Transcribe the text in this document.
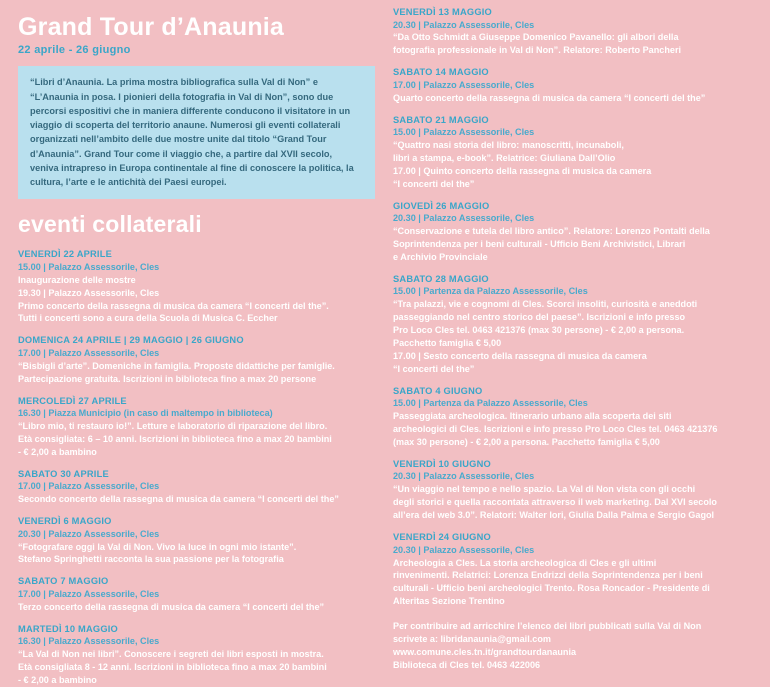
Grand Tour d’Anaunia
22 aprile - 26 giugno
“Libri d’Anaunia. La prima mostra bibliografica sulla Val di Non” e “L’Anaunia in posa. I pionieri della fotografia in Val di Non”, sono due percorsi espositivi che in maniera differente conducono il visitatore in un viaggio di scoperta del territorio anaune. Numerosi gli eventi collaterali organizzati nell’ambito delle due mostre unite dal titolo “Grand Tour d’Anaunia”. Grand Tour come il viaggio che, a partire dal XVII secolo, veniva intrapreso in Europa continentale al fine di conoscere la politica, la cultura, l’arte e le antichità dei Paesi europei.
eventi collaterali
VENERDÌ 22 APRILE
15.00 | Palazzo Assessorile, Cles
Inaugurazione delle mostre
19.30 | Palazzo Assessorile, Cles
Primo concerto della rassegna di musica da camera “I concerti del the”.
Tutti i concerti sono a cura della Scuola di Musica C. Eccher
DOMENICA 24 APRILE | 29 MAGGIO | 26 GIUGNO
17.00 | Palazzo Assessorile, Cles
“Bisbigli d’arte”. Domeniche in famiglia. Proposte didattiche per famiglie.
Partecipazione gratuita. Iscrizioni in biblioteca fino a max 20 persone
MERCOLEDÌ 27 APRILE
16.30 | Piazza Municipio (in caso di maltempo in biblioteca)
“Libro mio, ti restauro io!”. Letture e laboratorio di riparazione del libro.
Età consigliata: 6 – 10 anni. Iscrizioni in biblioteca fino a max 20 bambini
- € 2,00 a bambino
SABATO 30 APRILE
17.00 | Palazzo Assessorile, Cles
Secondo concerto della rassegna di musica da camera “I concerti del the”
VENERDÌ 6 MAGGIO
20.30 | Palazzo Assessorile, Cles
“Fotografare oggi la Val di Non. Vivo la luce in ogni mio istante”.
Stefano Springhetti racconta la sua passione per la fotografia
SABATO 7 MAGGIO
17.00 | Palazzo Assessorile, Cles
Terzo concerto della rassegna di musica da camera “I concerti del the”
MARTEDÌ 10 MAGGIO
16.30 | Palazzo Assessorile, Cles
“La Val di Non nei libri”. Conoscere i segreti dei libri esposti in mostra.
Età consigliata 8 - 12 anni. Iscrizioni in biblioteca fino a max 20 bambini
- € 2,00 a bambino
VENERDÌ 13 MAGGIO
20.30 | Palazzo Assessorile, Cles
“Da Otto Schmidt a Giuseppe Domenico Pavanello: gli albori della
fotografia professionale in Val di Non”. Relatore: Roberto Pancheri
SABATO 14 MAGGIO
17.00 | Palazzo Assessorile, Cles
Quarto concerto della rassegna di musica da camera “I concerti del the”
SABATO 21 MAGGIO
15.00 | Palazzo Assessorile, Cles
“Quattro nasi storia del libro: manoscritti, incunaboli,
libri a stampa, e-book”. Relatrice: Giuliana Dall’Olio
17.00 | Quinto concerto della rassegna di musica da camera
“I concerti del the”
GIOVEDÌ 26 MAGGIO
20.30 | Palazzo Assessorile, Cles
“Conservazione e tutela del libro antico”. Relatore: Lorenzo Pontalti della
Soprintendenza per i beni culturali - Ufficio Beni Archivistici, Librari
e Archivio Provinciale
SABATO 28 MAGGIO
15.00 | Partenza da Palazzo Assessorile, Cles
“Tra palazzi, vie e cognomi di Cles. Scorci insoliti, curiosità e aneddoti
passeggiando nel centro storico del paese”. Iscrizioni e info presso
Pro Loco Cles tel. 0463 421376 (max 30 persone) - € 2,00 a persona.
Pacchetto famiglia € 5,00
17.00 | Sesto concerto della rassegna di musica da camera
“I concerti del the”
SABATO 4 GIUGNO
15.00 | Partenza da Palazzo Assessorile, Cles
Passeggiata archeologica. Itinerario urbano alla scoperta dei siti
archeologici di Cles. Iscrizioni e info presso Pro Loco Cles tel. 0463 421376
(max 30 persone) - € 2,00 a persona. Pacchetto famiglia € 5,00
VENERDÌ 10 GIUGNO
20.30 | Palazzo Assessorile, Cles
“Un viaggio nel tempo e nello spazio. La Val di Non vista con gli occhi
degli storici e quella raccontata attraverso il web marketing. Dal XVI secolo
all’era del web 3.0”. Relatori: Walter Iori, Giulia Dalla Palma e Sergio Gagol
VENERDÌ 24 GIUGNO
20.30 | Palazzo Assessorile, Cles
Archeologia a Cles. La storia archeologica di Cles e gli ultimi
rinvenimenti. Relatrici: Lorenza Endrizzi della Soprintendenza per i beni
culturali - Ufficio beni archeologici Trento. Rosa Roncador - Presidente di
Alteritas Sezione Trentino
Per contribuire ad arricchire l’elenco dei libri pubblicati sulla Val di Non
scrivete a: libridanaunia@gmail.com
www.comune.cles.tn.it/grandtourdanaunia
Biblioteca di Cles tel. 0463 422006
